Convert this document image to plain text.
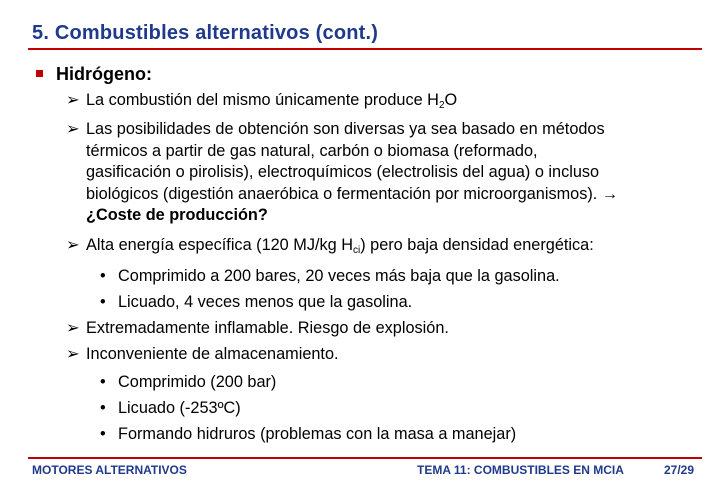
5. Combustibles alternativos (cont.)
Hidrógeno:
➢ La combustión del mismo únicamente produce $H_2O$
➢ Las posibilidades de obtención son diversas ya sea basado en métodos
térmicos a partir de gas natural, carbón o biomasa (reformado,
gasificación o pirolisis), electroquímicos (electrolisis del agua) o incluso
biológicos (digestión anaeróbica o fermentación por microorganismos). →
¿Coste de producción?
➢ Alta energía específica (120 MJ/kg $H_{ci}$) pero baja densidad energética:
• Comprimido a 200 bares, 20 veces más baja que la gasolina.
• Licuado, 4 veces menos que la gasolina.
➢ Extremadamente inflamable. Riesgo de explosión.
➢ Inconveniente de almacenamiento.
• Comprimido (200 bar)
• Licuado (-253ºC)
• Formando hidruros (problemas con la masa a manejar)
MOTORES ALTERNATIVOS	TEMA 11: COMBUSTIBLES EN MCIA	27/29
